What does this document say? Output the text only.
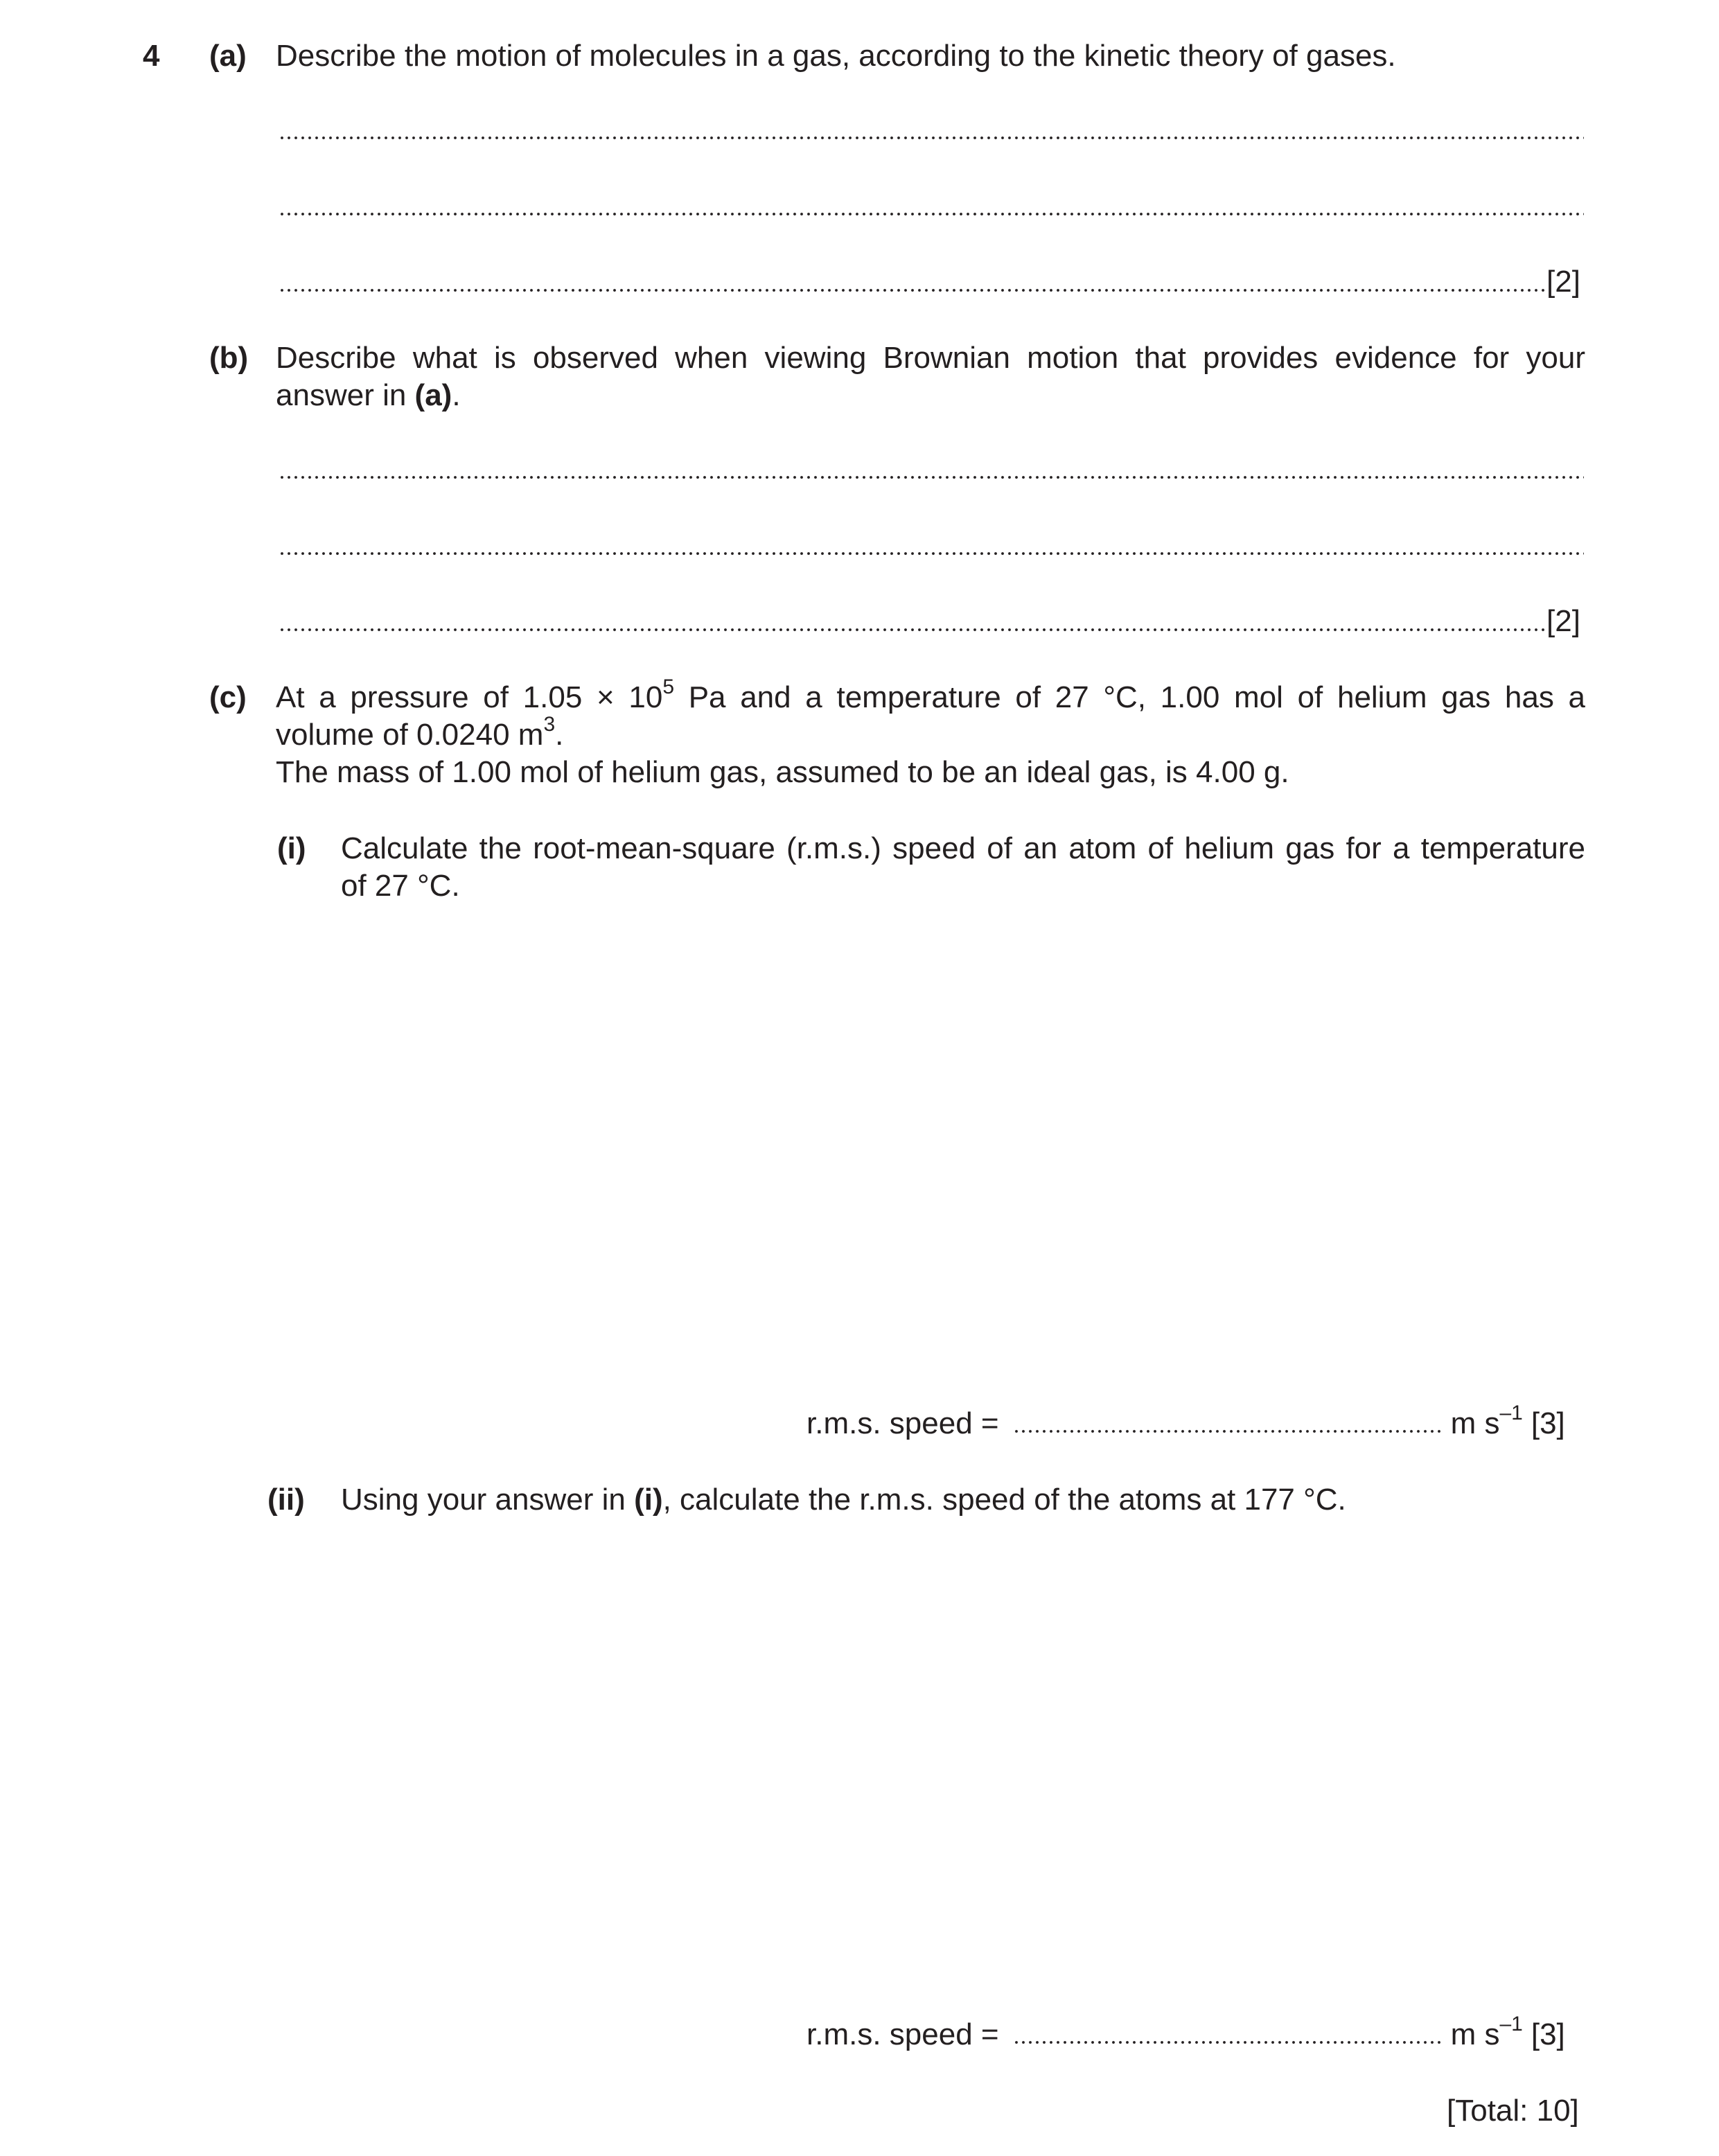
4 (a) Describe the motion of molecules in a gas, according to the kinetic theory of gases.
[2]
(b) Describe what is observed when viewing Brownian motion that provides evidence for your
answer in (a).
[2]
(c) At a pressure of $1.05 \times 10^5$ Pa and a temperature of 27 °C, 1.00 mol of helium gas has a
volume of 0.0240 $m^3$.
The mass of 1.00 mol of helium gas, assumed to be an ideal gas, is 4.00 g.
(i) Calculate the root-mean-square (r.m.s.) speed of an atom of helium gas for a temperature
of 27 °C.
r.m.s. speed =	m $s^{-1}$ [3]
(ii) Using your answer in (i), calculate the r.m.s. speed of the atoms at 177 °C.
r.m.s. speed =	m $s^{-1}$ [3]
[Total: 10]
